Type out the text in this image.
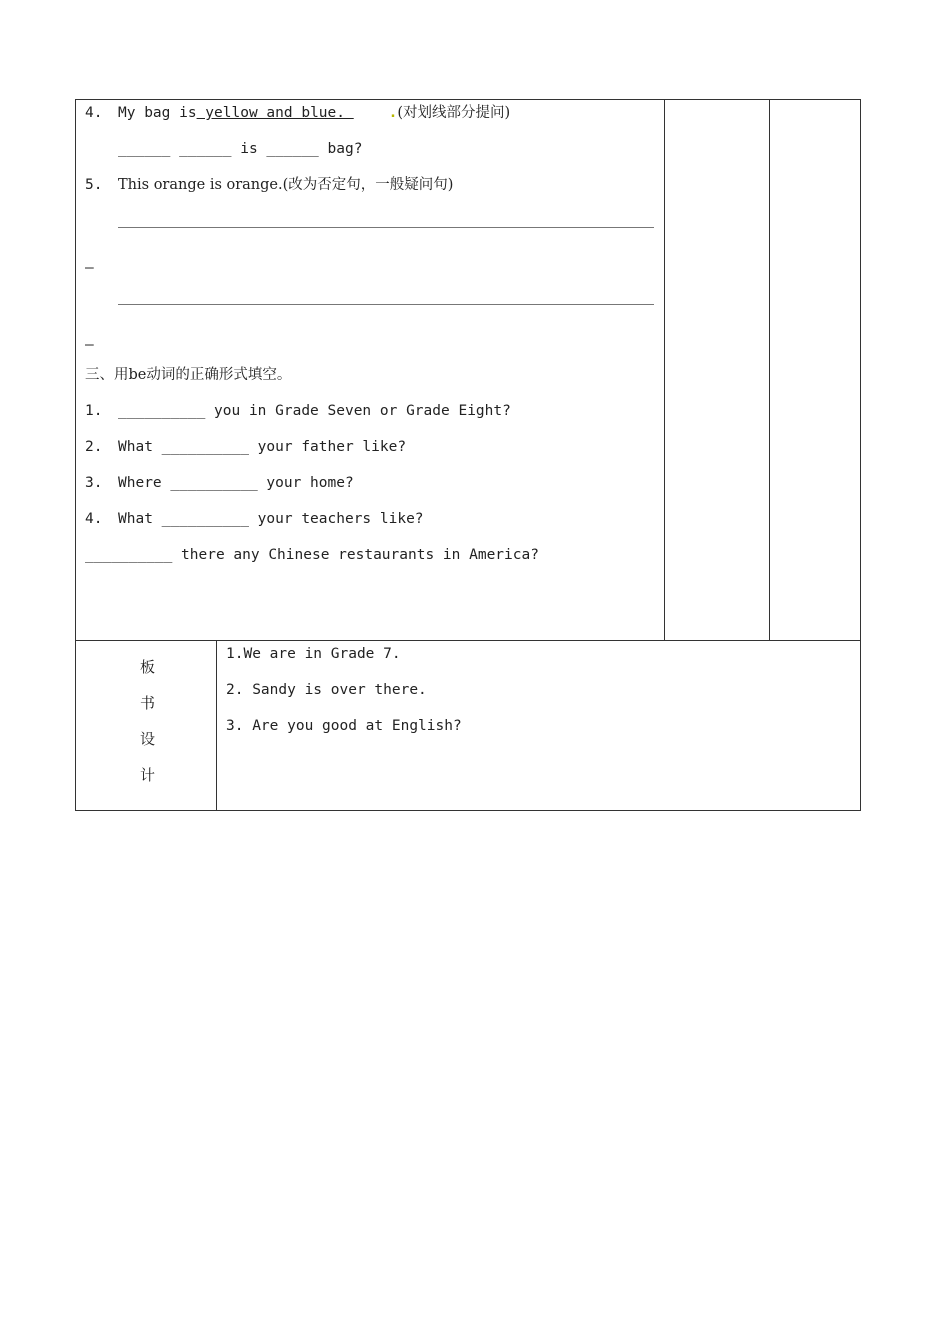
4. My bag is yellow and blue.     .(对划线部分提问)
______ ______ is ______ bag?
5. This orange is orange.(改为否定句，一般疑问句)
—
—
三、用be动词的正确形式填空。
1. __________ you in Grade Seven or Grade Eight?
2. What __________ your father like?
3. Where __________ your home?
4. What __________ your teachers like?
__________ there any Chinese restaurants in America?
板
书
设
计
1.We are in Grade 7.
2. Sandy is over there.
3. Are you good at English?
